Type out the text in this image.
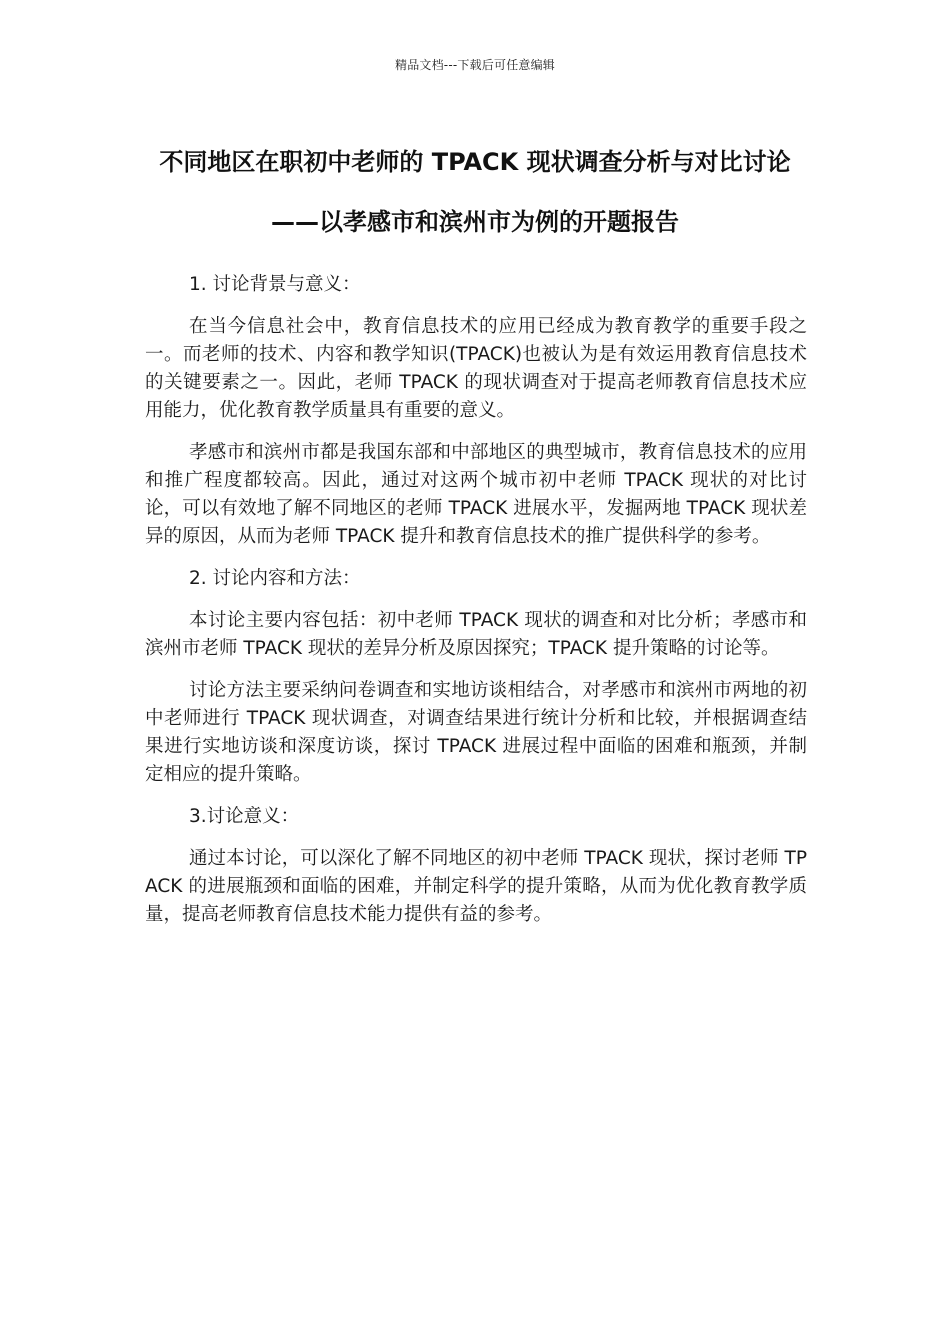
精品文档---下载后可任意编辑
不同地区在职初中老师的 TPACK 现状调查分析与对比讨论——以孝感市和滨州市为例的开题报告

1. 讨论背景与意义：

在当今信息社会中，教育信息技术的应用已经成为教育教学的重要手段之一。而老师的技术、内容和教学知识(TPACK)也被认为是有效运用教育信息技术的关键要素之一。因此，老师 TPACK 的现状调查对于提高老师教育信息技术应用能力，优化教育教学质量具有重要的意义。

孝感市和滨州市都是我国东部和中部地区的典型城市，教育信息技术的应用和推广程度都较高。因此，通过对这两个城市初中老师 TPACK 现状的对比讨论，可以有效地了解不同地区的老师 TPACK 进展水平，发掘两地 TPACK 现状差异的原因，从而为老师 TPACK 提升和教育信息技术的推广提供科学的参考。

2. 讨论内容和方法：

本讨论主要内容包括：初中老师 TPACK 现状的调查和对比分析；孝感市和滨州市老师 TPACK 现状的差异分析及原因探究；TPACK 提升策略的讨论等。

讨论方法主要采纳问卷调查和实地访谈相结合，对孝感市和滨州市两地的初中老师进行 TPACK 现状调查，对调查结果进行统计分析和比较，并根据调查结果进行实地访谈和深度访谈，探讨 TPACK 进展过程中面临的困难和瓶颈，并制定相应的提升策略。

3.讨论意义：

通过本讨论，可以深化了解不同地区的初中老师 TPACK 现状，探讨老师 TPACK 的进展瓶颈和面临的困难，并制定科学的提升策略，从而为优化教育教学质量，提高老师教育信息技术能力提供有益的参考。
